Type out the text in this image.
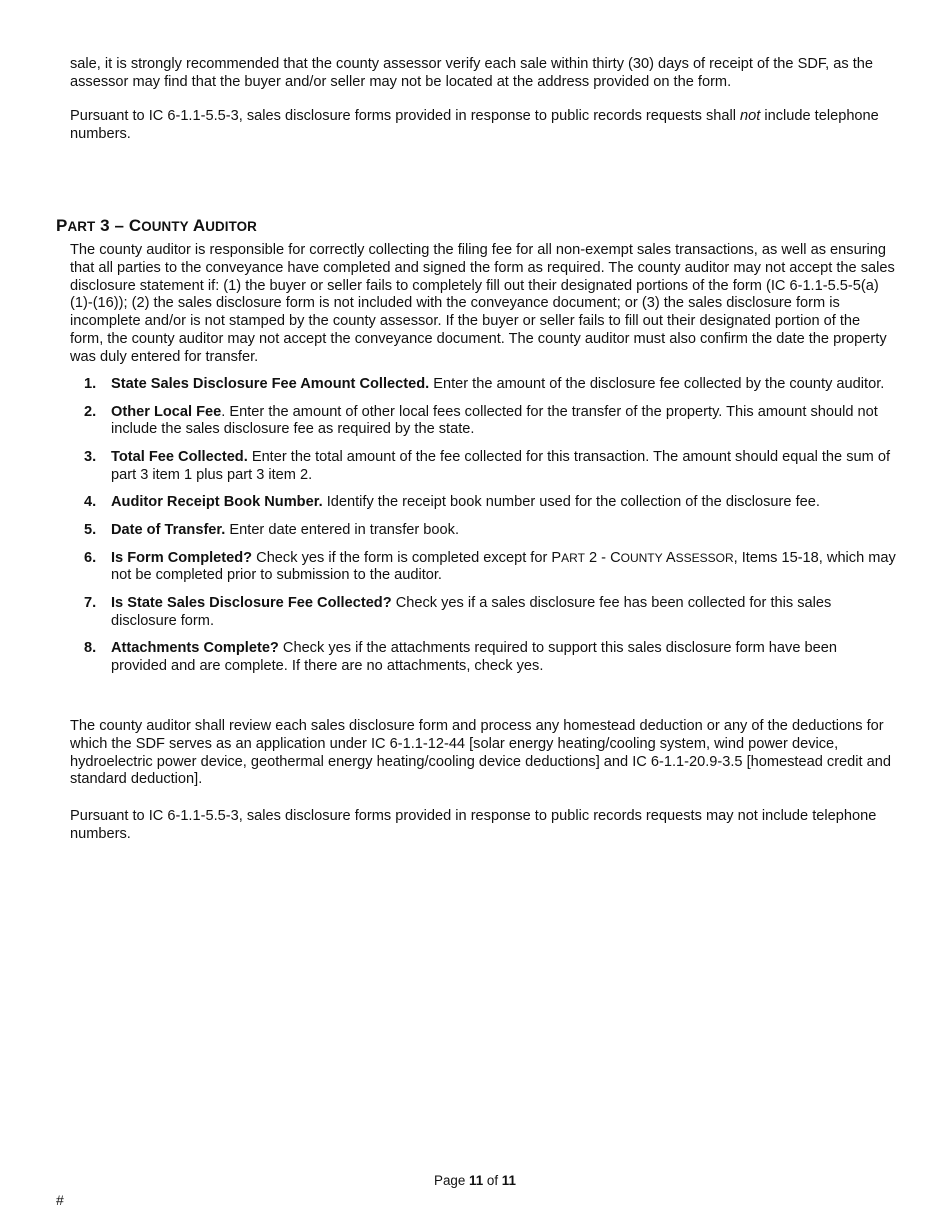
sale, it is strongly recommended that the county assessor verify each sale within thirty (30) days of receipt of the SDF, as the assessor may find that the buyer and/or seller may not be located at the address provided on the form.

Pursuant to IC 6-1.1-5.5-3, sales disclosure forms provided in response to public records requests shall not include telephone numbers.

PART 3 – COUNTY AUDITOR

The county auditor is responsible for correctly collecting the filing fee for all non-exempt sales transactions, as well as ensuring that all parties to the conveyance have completed and signed the form as required. The county auditor may not accept the sales disclosure statement if: (1) the buyer or seller fails to completely fill out their designated portions of the form (IC 6-1.1-5.5-5(a)(1)-(16)); (2) the sales disclosure form is not included with the conveyance document; or (3) the sales disclosure form is incomplete and/or is not stamped by the county assessor. If the buyer or seller fails to fill out their designated portion of the form, the county auditor may not accept the conveyance document. The county auditor must also confirm the date the property was duly entered for transfer.

1. State Sales Disclosure Fee Amount Collected. Enter the amount of the disclosure fee collected by the county auditor.
2. Other Local Fee. Enter the amount of other local fees collected for the transfer of the property. This amount should not include the sales disclosure fee as required by the state.
3. Total Fee Collected. Enter the total amount of the fee collected for this transaction. The amount should equal the sum of part 3 item 1 plus part 3 item 2.
4. Auditor Receipt Book Number. Identify the receipt book number used for the collection of the disclosure fee.
5. Date of Transfer. Enter date entered in transfer book.
6. Is Form Completed? Check yes if the form is completed except for PART 2 - COUNTY ASSESSOR, Items 15-18, which may not be completed prior to submission to the auditor.
7. Is State Sales Disclosure Fee Collected? Check yes if a sales disclosure fee has been collected for this sales disclosure form.
8. Attachments Complete? Check yes if the attachments required to support this sales disclosure form have been provided and are complete. If there are no attachments, check yes.

The county auditor shall review each sales disclosure form and process any homestead deduction or any of the deductions for which the SDF serves as an application under IC 6-1.1-12-44 [solar energy heating/cooling system, wind power device, hydroelectric power device, geothermal energy heating/cooling device deductions] and IC 6-1.1-20.9-3.5 [homestead credit and standard deduction].

Pursuant to IC 6-1.1-5.5-3, sales disclosure forms provided in response to public records requests may not include telephone numbers.

Page 11 of 11
#
